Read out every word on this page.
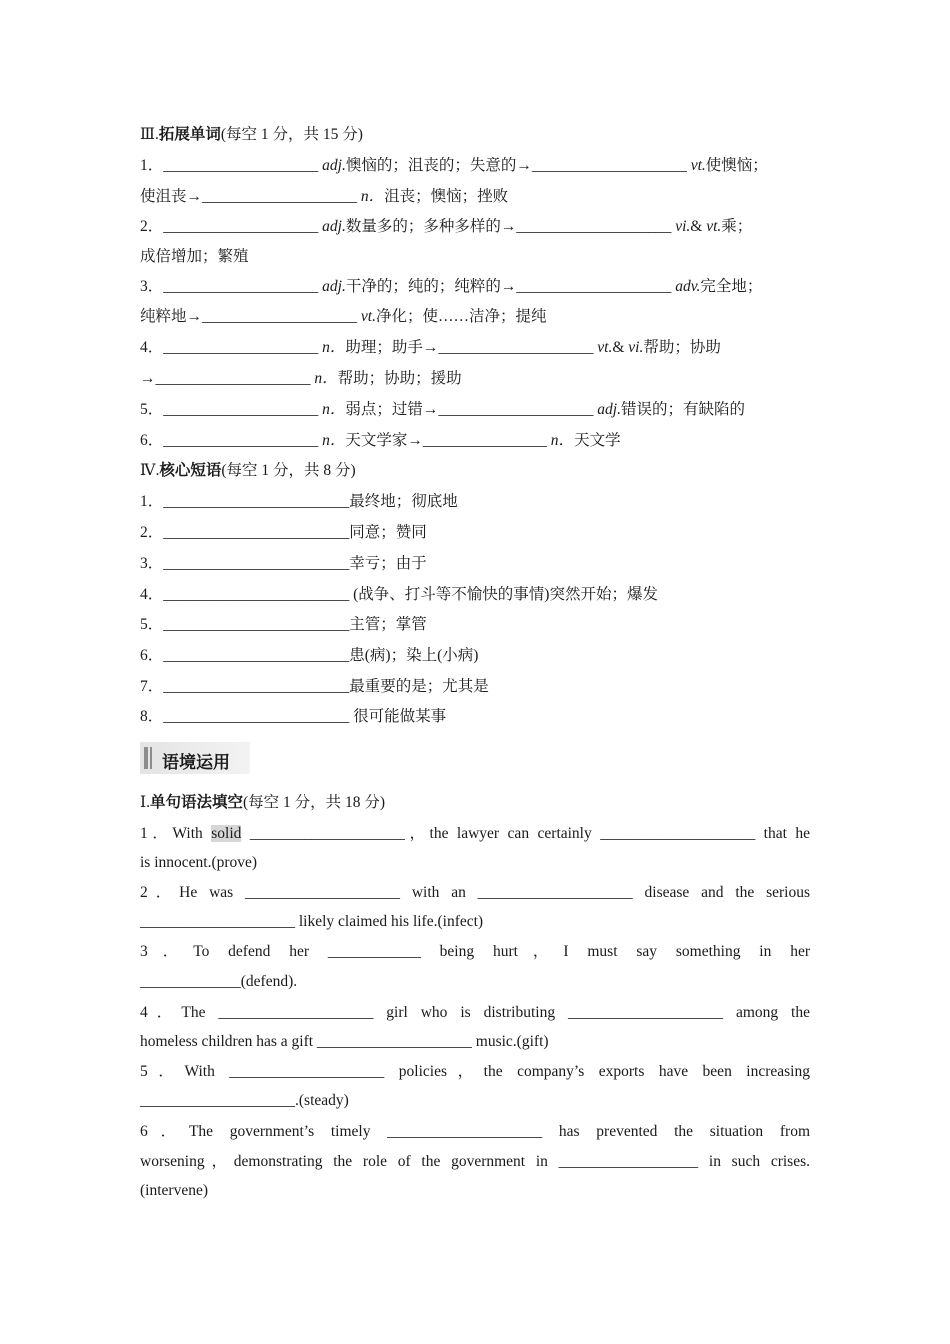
Ⅲ.拓展单词(每空 1 分，共 15 分)
1．____________________ adj.懊恼的；沮丧的；失意的→____________________ vt.使懊恼；
使沮丧→____________________ n．沮丧；懊恼；挫败
2．____________________ adj.数量多的；多种多样的→____________________ vi.& vt.乘；
成倍增加；繁殖
3．____________________ adj.干净的；纯的；纯粹的→____________________ adv.完全地；
纯粹地→____________________ vt.净化；使……洁净；提纯
4．____________________ n．助理；助手→____________________ vt.& vi.帮助；协助
→____________________ n．帮助；协助；援助
5．____________________ n．弱点；过错→____________________ adj.错误的；有缺陷的
6．____________________ n．天文学家→________________ n．天文学
Ⅳ.核心短语(每空 1 分，共 8 分)
1．________________________最终地；彻底地
2．________________________同意；赞同
3．________________________幸亏；由于
4．________________________ (战争、打斗等不愉快的事情)突然开始；爆发
5．________________________主管；掌管
6．________________________患(病)；染上(小病)
7．________________________最重要的是；尤其是
8．________________________ 很可能做某事
语境运用
Ⅰ.单句语法填空(每空 1 分，共 18 分)
1．With solid ____________________，the lawyer can certainly ____________________ that he
is innocent.(prove)
2．He was ____________________ with an ____________________ disease and the serious
____________________ likely claimed his life.(infect)
3．To defend her ____________ being hurt，I must say something in her
_____________(defend).
4．The ____________________ girl who is distributing ____________________ among the
homeless children has a gift ____________________ music.(gift)
5．With ____________________ policies，the company’s exports have been increasing
____________________.(steady)
6．The government’s timely ____________________ has prevented the situation from
worsening，demonstrating the role of the government in __________________ in such crises.
(intervene)
